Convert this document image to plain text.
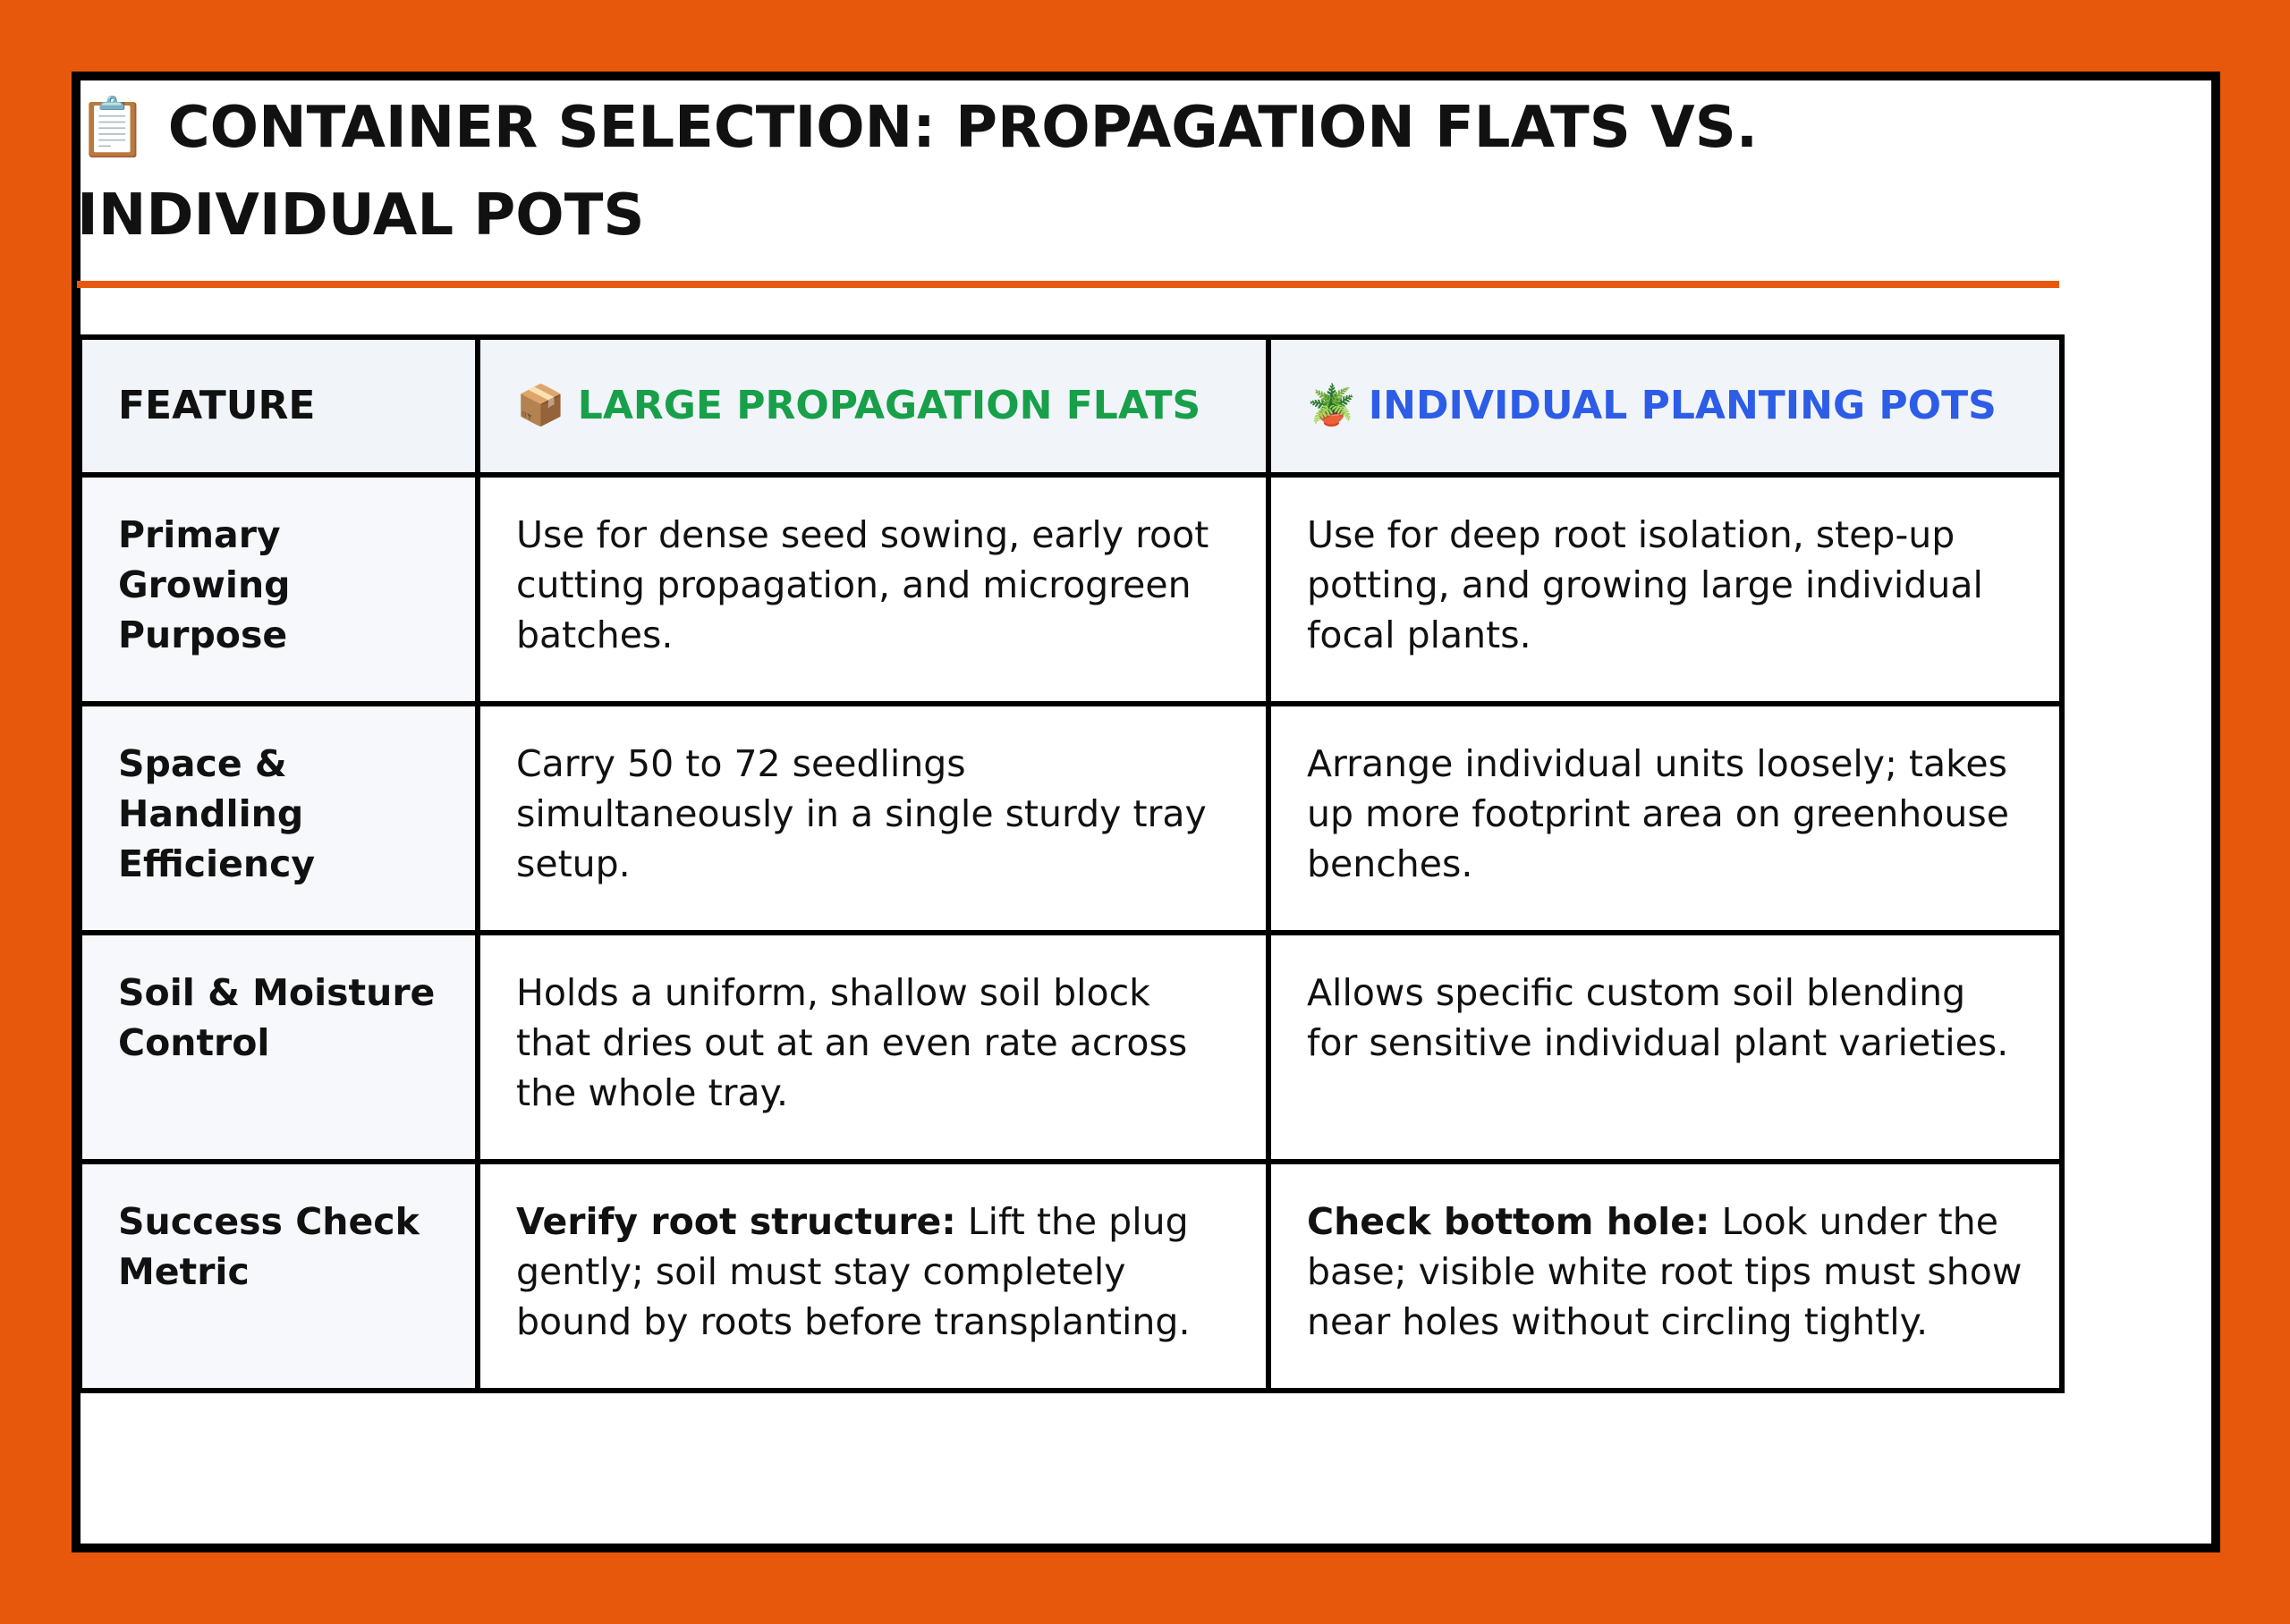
📋 CONTAINER SELECTION: PROPAGATION FLATS VS. INDIVIDUAL POTS
FEATURE	📦 LARGE PROPAGATION FLATS	🪴 INDIVIDUAL PLANTING POTS
Primary Growing Purpose	Use for dense seed sowing, early root cutting propagation, and microgreen batches.	Use for deep root isolation, step-up potting, and growing large individual focal plants.
Space & Handling Efficiency	Carry 50 to 72 seedlings simultaneously in a single sturdy tray setup.	Arrange individual units loosely; takes up more footprint area on greenhouse benches.
Soil & Moisture Control	Holds a uniform, shallow soil block that dries out at an even rate across the whole tray.	Allows specific custom soil blending for sensitive individual plant varieties.
Success Check Metric	Verify root structure: Lift the plug gently; soil must stay completely bound by roots before transplanting.	Check bottom hole: Look under the base; visible white root tips must show near holes without circling tightly.
